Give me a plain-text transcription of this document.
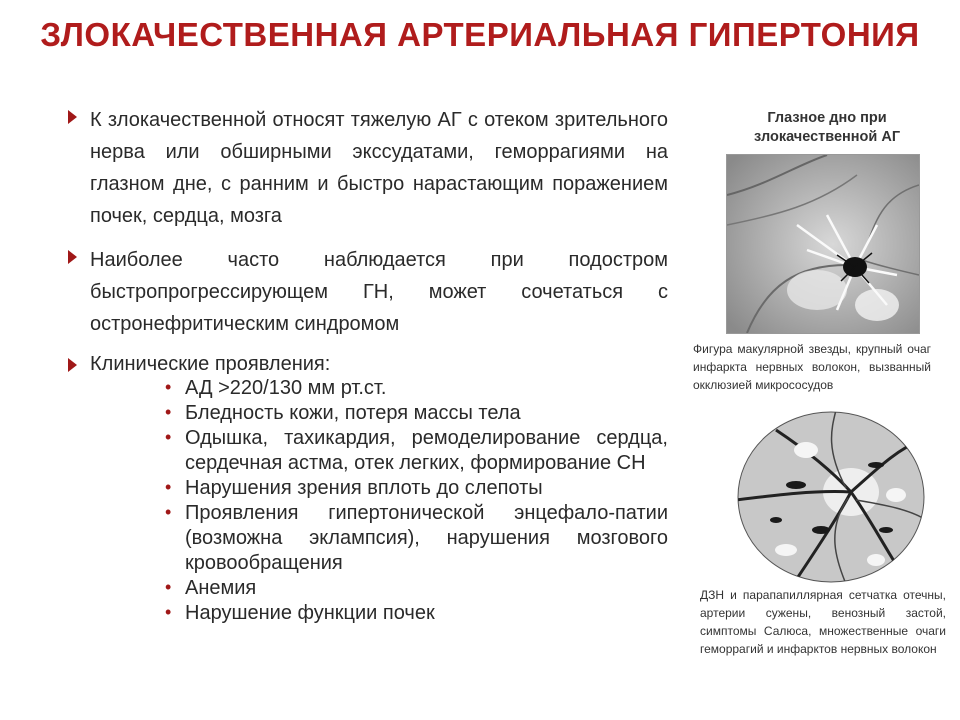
ЗЛОКАЧЕСТВЕННАЯ АРТЕРИАЛЬНАЯ ГИПЕРТОНИЯ
К злокачественной относят тяжелую АГ с отеком зрительного нерва или обширными экссудатами, геморрагиями на глазном дне, с ранним и быстро нарастающим поражением почек, сердца, мозга
Наиболее часто наблюдается при подостром быстропрогрессирующем ГН, может сочетаться с остронефритическим синдромом
Клинические проявления:
• АД >220/130 мм рт.ст.
• Бледность кожи, потеря массы тела
• Одышка, тахикардия, ремоделирование сердца, сердечная астма, отек легких, формирование СН
• Нарушения зрения вплоть до слепоты
• Проявления гипертонической энцефало-патии (возможна эклампсия), нарушения мозгового кровообращения
• Анемия
• Нарушение функции почек
Глазное дно при злокачественной АГ
Фигура макулярной звезды, крупный очаг инфаркта нервных волокон, вызванный окклюзией микрососудов
ДЗН и парапапиллярная сетчатка отечны, артерии сужены, венозный застой, симптомы Салюса, множественные очаги геморрагий и инфарктов нервных волокон
